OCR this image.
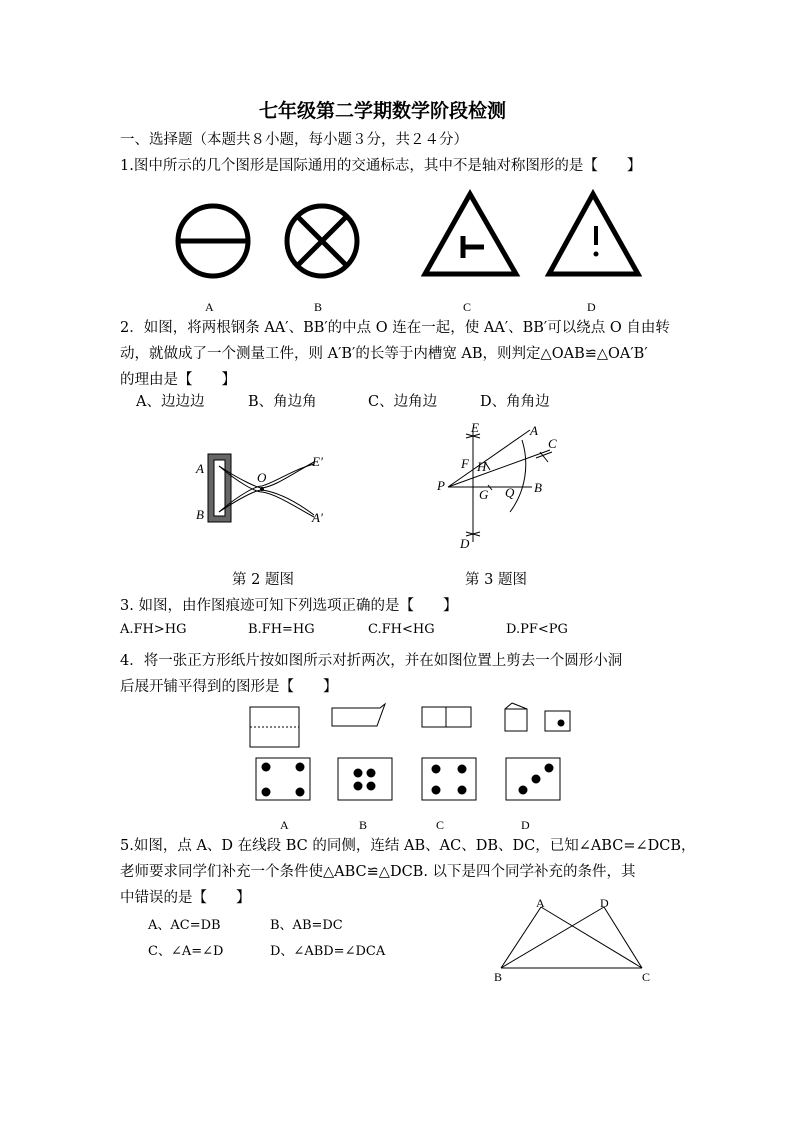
七年级第二学期数学阶段检测
一、选择题（本题共８小题，每小题３分，共２４分）
1.图中所示的几个图形是国际通用的交通标志，其中不是轴对称图形的是【　　】
A	B	C	D
2．如图，将两根钢条 AA′、BB′的中点 O 连在一起，使 AA′、BB′可以绕点 O 自由转
动，就做成了一个测量工件，则 A′B′的长等于内槽宽 AB，则判定△OAB≌△OA′B′
的理由是【　　】
A、边边边	B、角边角	C、边角边	D、角角边
A
B
O
E'
A'
第 2 题图
E	A
C
F H
P
G Q B
D
第 3 题图
3. 如图，由作图痕迹可知下列选项正确的是【　　】
A.FH>HG	B.FH=HG	C.FH<HG	D.PF<PG
4．将一张正方形纸片按如图所示对折两次，并在如图位置上剪去一个圆形小洞
后展开铺平得到的图形是【　　】
A	B	C	D
5.如图，点 A、D 在线段 BC 的同侧，连结 AB、AC、DB、DC，已知∠ABC=∠DCB，
老师要求同学们补充一个条件使△ABC≌△DCB. 以下是四个同学补充的条件，其
中错误的是【　　】
A、AC=DB	B、AB=DC
C、∠A=∠D	D、∠ABD=∠DCA
A	D
B	C
